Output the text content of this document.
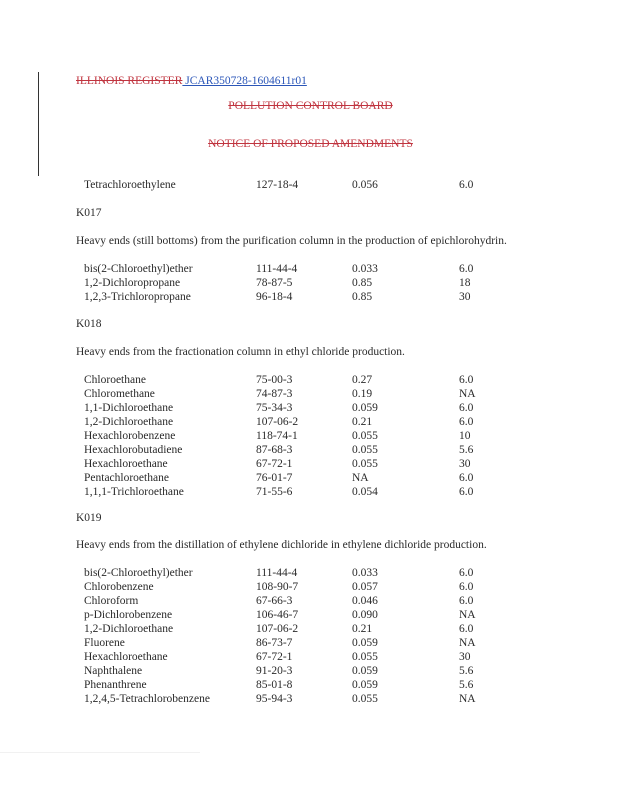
ILLINOIS REGISTER JCAR350728-1604611r01
POLLUTION CONTROL BOARD
NOTICE OF PROPOSED AMENDMENTS
Tetrachloroethylene	127-18-4	0.056	6.0
K017
Heavy ends (still bottoms) from the purification column in the production of epichlorohydrin.
bis(2-Chloroethyl)ether	111-44-4	0.033	6.0
1,2-Dichloropropane	78-87-5	0.85	18
1,2,3-Trichloropropane	96-18-4	0.85	30
K018
Heavy ends from the fractionation column in ethyl chloride production.
Chloroethane	75-00-3	0.27	6.0
Chloromethane	74-87-3	0.19	NA
1,1-Dichloroethane	75-34-3	0.059	6.0
1,2-Dichloroethane	107-06-2	0.21	6.0
Hexachlorobenzene	118-74-1	0.055	10
Hexachlorobutadiene	87-68-3	0.055	5.6
Hexachloroethane	67-72-1	0.055	30
Pentachloroethane	76-01-7	NA	6.0
1,1,1-Trichloroethane	71-55-6	0.054	6.0
K019
Heavy ends from the distillation of ethylene dichloride in ethylene dichloride production.
bis(2-Chloroethyl)ether	111-44-4	0.033	6.0
Chlorobenzene	108-90-7	0.057	6.0
Chloroform	67-66-3	0.046	6.0
p-Dichlorobenzene	106-46-7	0.090	NA
1,2-Dichloroethane	107-06-2	0.21	6.0
Fluorene	86-73-7	0.059	NA
Hexachloroethane	67-72-1	0.055	30
Naphthalene	91-20-3	0.059	5.6
Phenanthrene	85-01-8	0.059	5.6
1,2,4,5-Tetrachlorobenzene	95-94-3	0.055	NA
